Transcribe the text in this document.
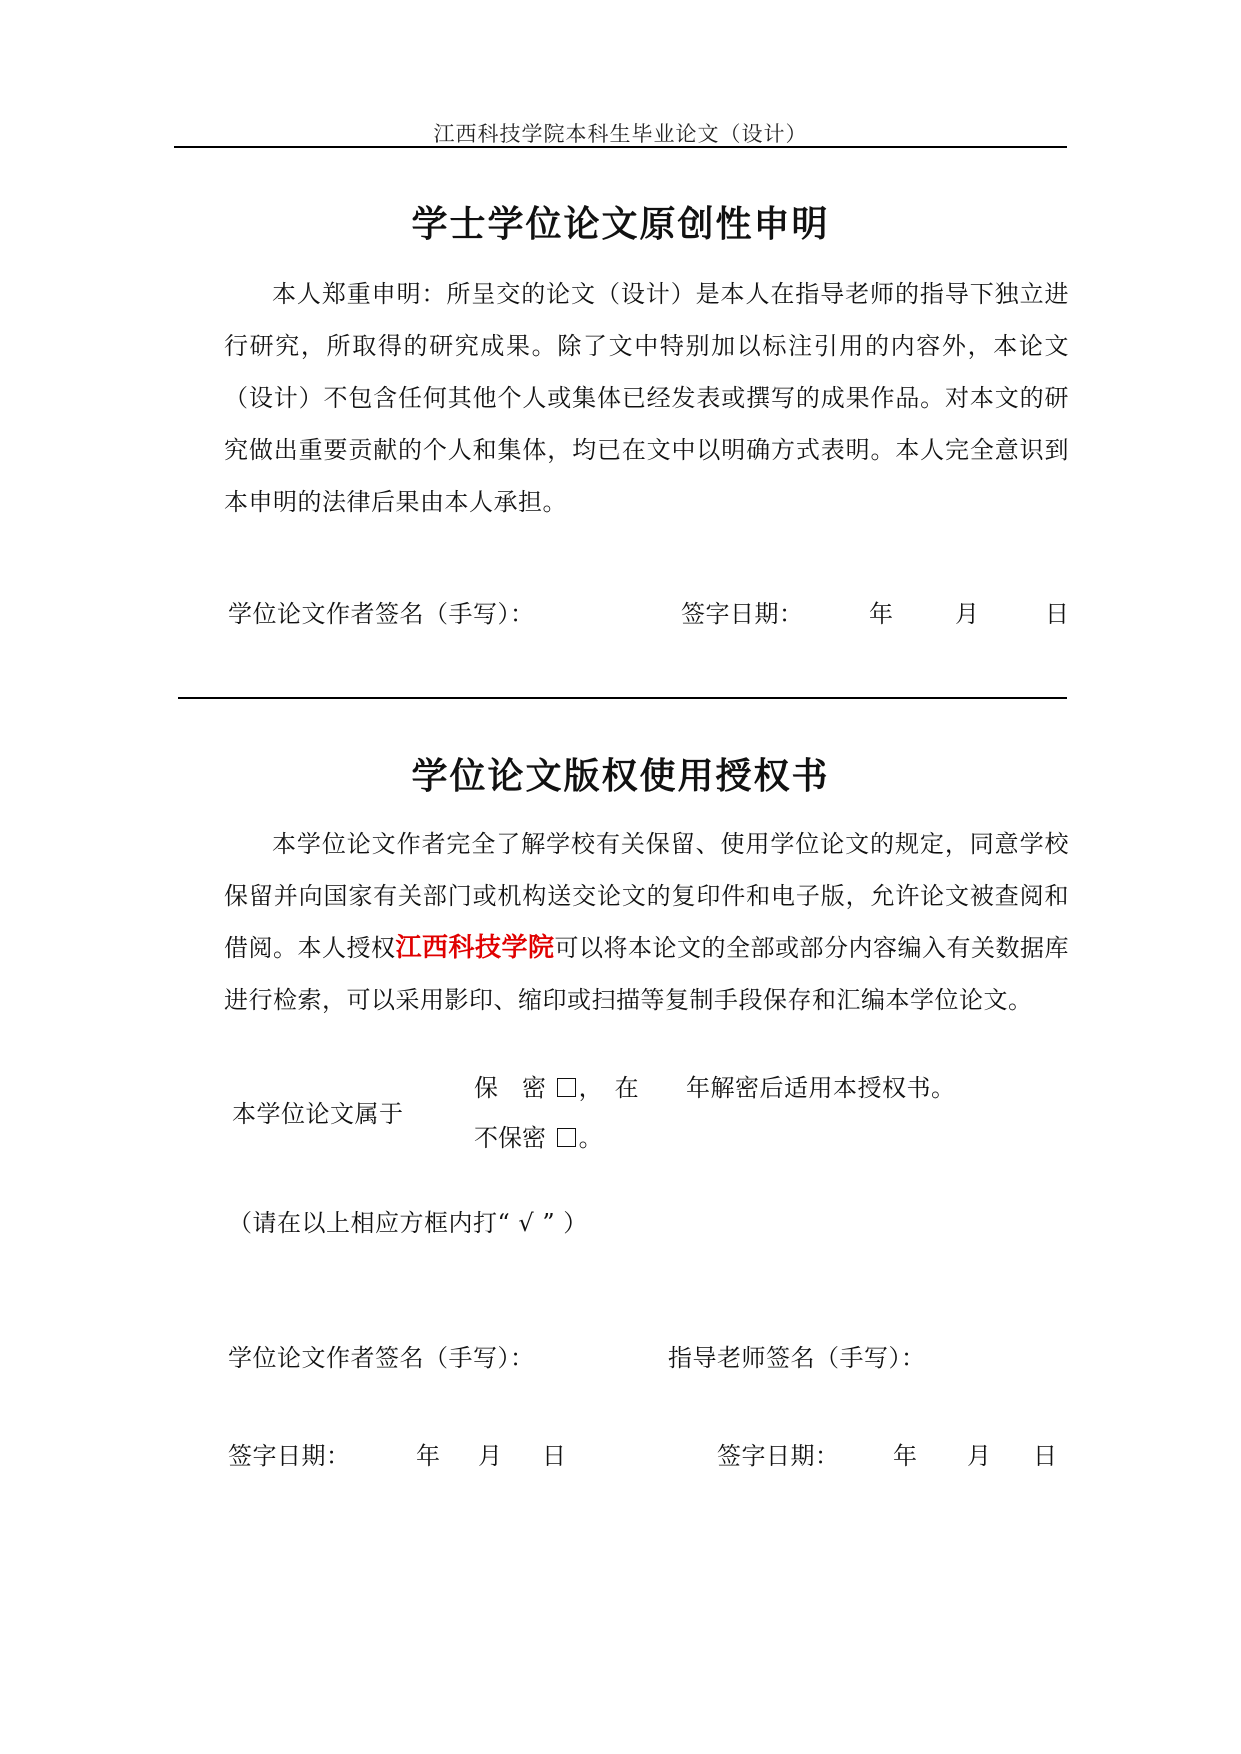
江西科技学院本科生毕业论文（设计）
学士学位论文原创性申明
本人郑重申明：所呈交的论文（设计）是本人在指导老师的指导下独立进行研究，所取得的研究成果。除了文中特别加以标注引用的内容外，本论文（设计）不包含任何其他个人或集体已经发表或撰写的成果作品。对本文的研究做出重要贡献的个人和集体，均已在文中以明确方式表明。本人完全意识到本申明的法律后果由本人承担。
学位论文作者签名（手写）：	签字日期：	年	月	日
学位论文版权使用授权书
本学位论文作者完全了解学校有关保留、使用学位论文的规定，同意学校保留并向国家有关部门或机构送交论文的复印件和电子版，允许论文被查阅和借阅。本人授权江西科技学院可以将本论文的全部或部分内容编入有关数据库进行检索，可以采用影印、缩印或扫描等复制手段保存和汇编本学位论文。
本学位论文属于
保　密 ，　在 年解密后适用本授权书。
不保密 。
（请在以上相应方框内打“ √ ” ）
学位论文作者签名（手写）：	指导老师签名（手写）：
签字日期：	年 月 日	签字日期： 年 月 日
